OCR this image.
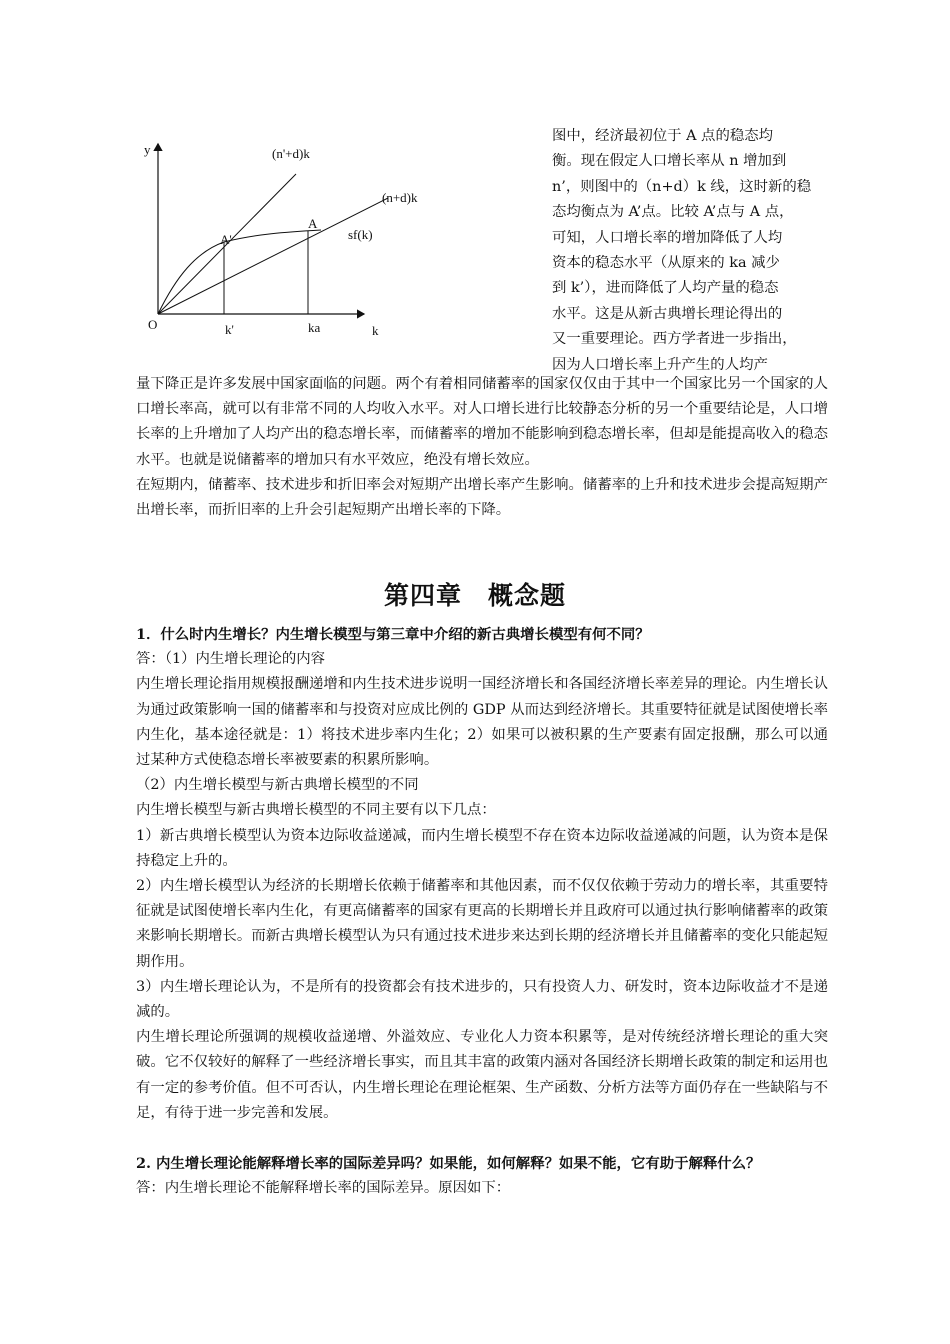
y
k
O
(n'+d)k
(n+d)k
sf(k)
A'
A
k'	ka

图中，经济最初位于 A 点的稳态均

衡。现在假定人口增长率从 n 增加到

n’，则图中的（n+d）k 线，这时新的稳

态均衡点为 A’点。比较 A’点与 A 点，

可知，人口增长率的增加降低了人均

资本的稳态水平（从原来的 ka 减少

到 k’），进而降低了人均产量的稳态

水平。这是从新古典增长理论得出的

又一重要理论。西方学者进一步指出，

因为人口增长率上升产生的人均产

量下降正是许多发展中国家面临的问题。两个有着相同储蓄率的国家仅仅由于其中一个国家比另一个国家的人口增长率高，就可以有非常不同的人均收入水平。对人口增长进行比较静态分析的另一个重要结论是，人口增长率的上升增加了人均产出的稳态增长率，而储蓄率的增加不能影响到稳态增长率，但却是能提高收入的稳态水平。也就是说储蓄率的增加只有水平效应，绝没有增长效应。

在短期内，储蓄率、技术进步和折旧率会对短期产出增长率产生影响。储蓄率的上升和技术进步会提高短期产出增长率，而折旧率的上升会引起短期产出增长率的下降。

第四章　概念题

1．什么时内生增长？内生增长模型与第三章中介绍的新古典增长模型有何不同？

答：（1）内生增长理论的内容

内生增长理论指用规模报酬递增和内生技术进步说明一国经济增长和各国经济增长率差异的理论。内生增长认为通过政策影响一国的储蓄率和与投资对应成比例的 GDP 从而达到经济增长。其重要特征就是试图使增长率内生化，基本途径就是：1）将技术进步率内生化；2）如果可以被积累的生产要素有固定报酬，那么可以通过某种方式使稳态增长率被要素的积累所影响。

（2）内生增长模型与新古典增长模型的不同

内生增长模型与新古典增长模型的不同主要有以下几点：

1）新古典增长模型认为资本边际收益递减，而内生增长模型不存在资本边际收益递减的问题，认为资本是保持稳定上升的。

2）内生增长模型认为经济的长期增长依赖于储蓄率和其他因素，而不仅仅依赖于劳动力的增长率，其重要特征就是试图使增长率内生化，有更高储蓄率的国家有更高的长期增长并且政府可以通过执行影响储蓄率的政策来影响长期增长。而新古典增长模型认为只有通过技术进步来达到长期的经济增长并且储蓄率的变化只能起短期作用。

3）内生增长理论认为，不是所有的投资都会有技术进步的，只有投资人力、研发时，资本边际收益才不是递减的。

内生增长理论所强调的规模收益递增、外溢效应、专业化人力资本积累等，是对传统经济增长理论的重大突破。它不仅较好的解释了一些经济增长事实，而且其丰富的政策内涵对各国经济长期增长政策的制定和运用也有一定的参考价值。但不可否认，内生增长理论在理论框架、生产函数、分析方法等方面仍存在一些缺陷与不足，有待于进一步完善和发展。

2. 内生增长理论能解释增长率的国际差异吗？如果能，如何解释？如果不能，它有助于解释什么？

答：内生增长理论不能解释增长率的国际差异。原因如下：
